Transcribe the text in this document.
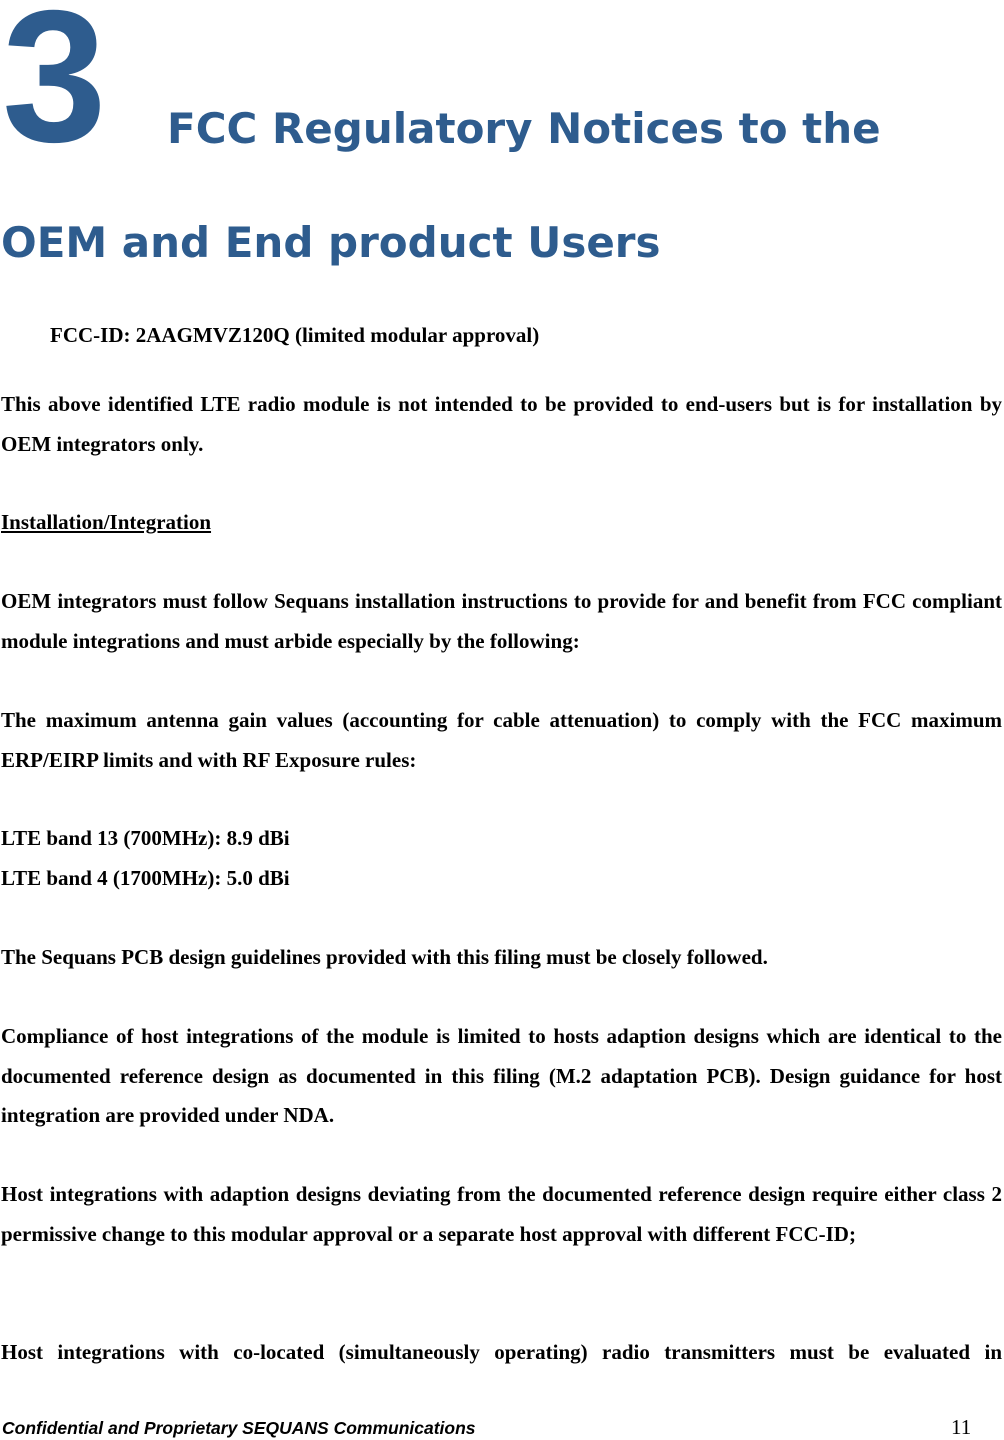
3 FCC Regulatory Notices to the
OEM and End product Users
FCC-ID: 2AAGMVZ120Q (limited modular approval)
This above identified LTE radio module is not intended to be provided to end-users but is for installation by OEM integrators only.
Installation/Integration
OEM integrators must follow Sequans installation instructions to provide for and benefit from FCC compliant module integrations and must arbide especially by the following:
The maximum antenna gain values (accounting for cable attenuation) to comply with the FCC maximum ERP/EIRP limits and with RF Exposure rules:
LTE band 13 (700MHz): 8.9 dBi
LTE band 4 (1700MHz): 5.0 dBi
The Sequans PCB design guidelines provided with this filing must be closely followed.
Compliance of host integrations of the module is limited to hosts adaption designs which are identical to the documented reference design as documented in this filing (M.2 adaptation PCB). Design guidance for host integration are provided under NDA.
Host integrations with adaption designs deviating from the documented reference design require either class 2 permissive change to this modular approval or a separate host approval with different FCC-ID;
Host integrations with co-located (simultaneously operating) radio transmitters must be evaluated in
Confidential and Proprietary SEQUANS Communications	11
